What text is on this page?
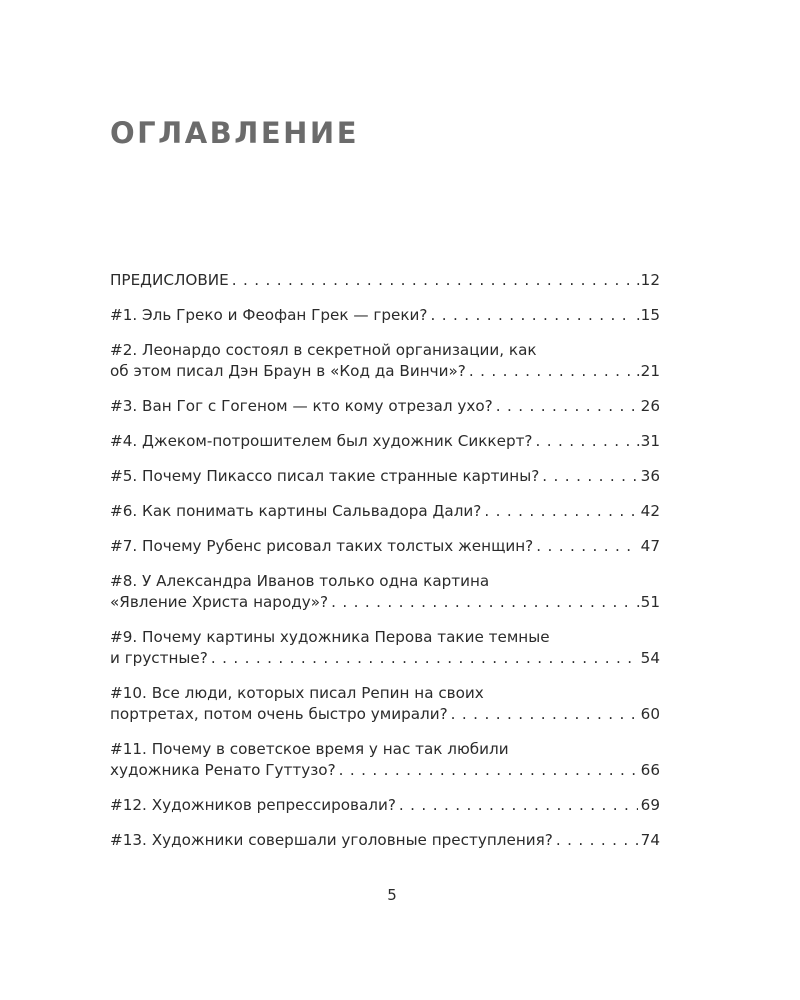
ОГЛАВЛЕНИЕ
ПРЕДИСЛОВИЕ . . .	.12
#1. Эль Греко и Феофан Грек — греки? . . .	.15
#2. Леонардо состоял в секретной организации, как
об этом писал Дэн Браун в «Код да Винчи»? . . .	.21
#3. Ван Гог с Гогеном — кто кому отрезал ухо? . . .	26
#4. Джеком-потрошителем был художник Сиккерт? . . .	.31
#5. Почему Пикассо писал такие странные картины? . . .	36
#6. Как понимать картины Сальвадора Дали? . . .	42
#7. Почему Рубенс рисовал таких толстых женщин? . . .	47
#8. У Александра Иванов только одна картина
«Явление Христа народу»? . . .	.51
#9. Почему картины художника Перова такие темные
и грустные? . . .	54
#10. Все люди, которых писал Репин на своих
портретах, потом очень быстро умирали? . . .	60
#11. Почему в советское время у нас так любили
художника Ренато Гуттузо? . . .	66
#12. Художников репрессировали? . . .	69
#13. Художники совершали уголовные преступления? . . .	74
5
